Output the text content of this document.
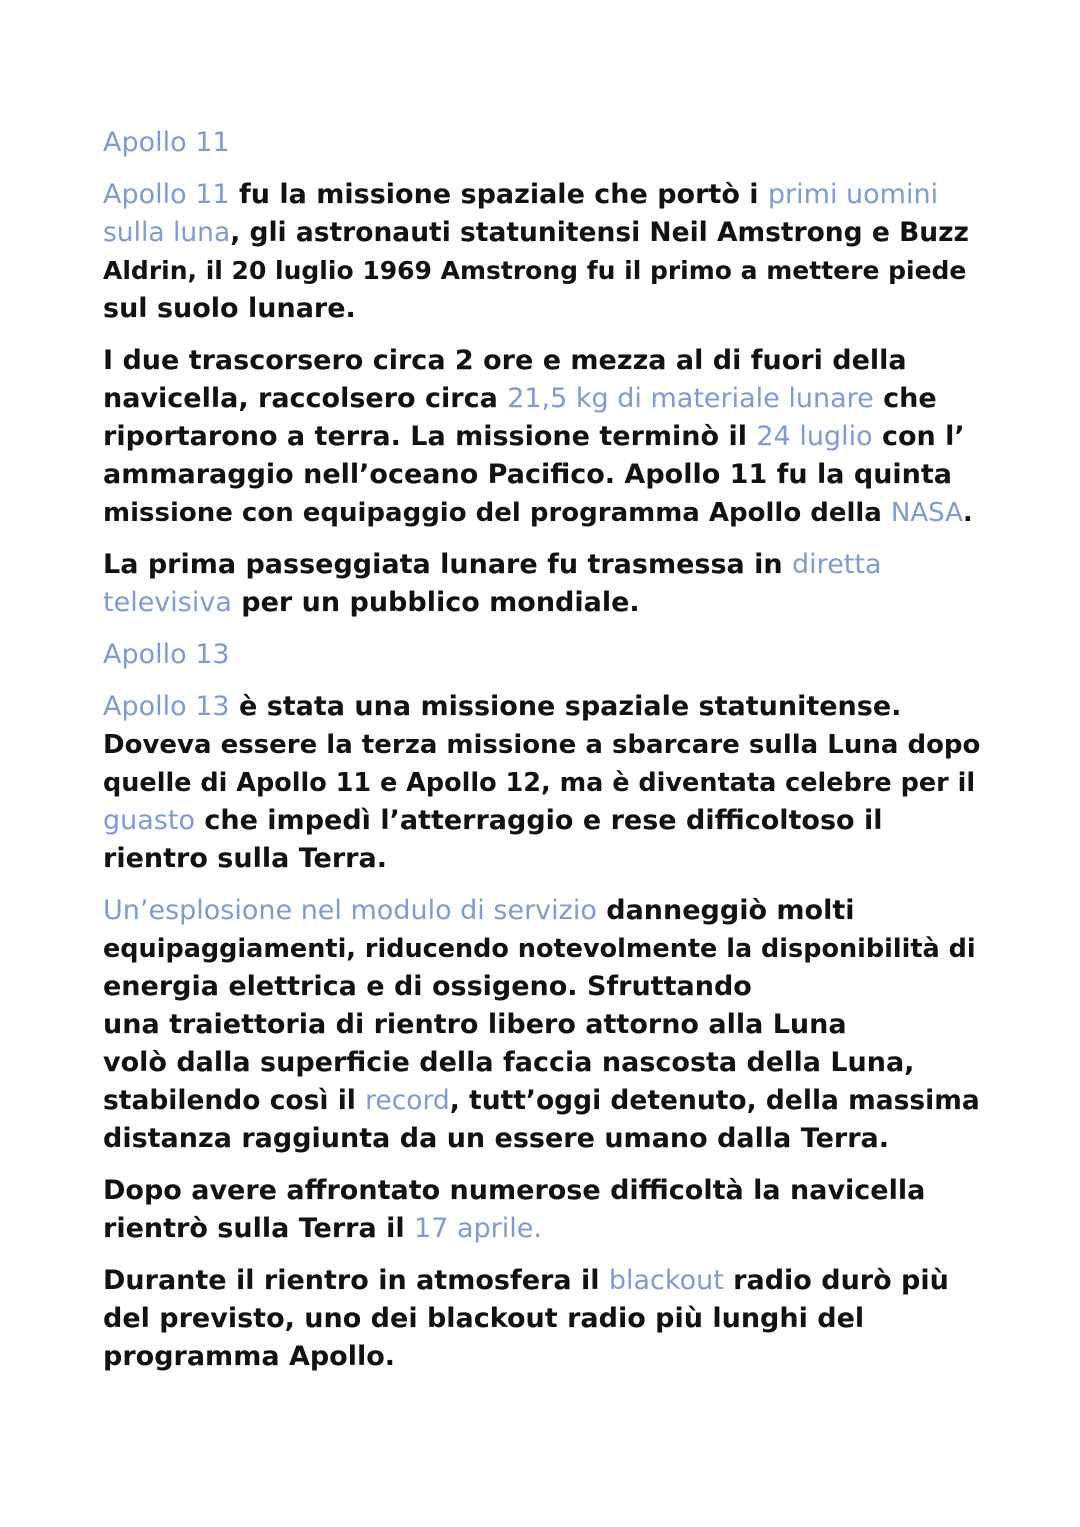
Apollo 11
Apollo 11 fu la missione spaziale che portò i primi uomini
sulla luna, gli astronauti statunitensi Neil Amstrong e Buzz
Aldrin, il 20 luglio 1969 Amstrong fu il primo a mettere piede
sul suolo lunare.
I due trascorsero circa 2 ore e mezza al di fuori della
navicella, raccolsero circa 21,5 kg di materiale lunare che
riportarono a terra. La missione terminò il 24 luglio con l’
ammaraggio nell’oceano Pacifico. Apollo 11 fu la quinta
missione con equipaggio del programma Apollo della NASA.
La prima passeggiata lunare fu trasmessa in diretta
televisiva per un pubblico mondiale.
Apollo 13
Apollo 13 è stata una missione spaziale statunitense.
Doveva essere la terza missione a sbarcare sulla Luna dopo
quelle di Apollo 11 e Apollo 12, ma è diventata celebre per il
guasto che impedì l’atterraggio e rese difficoltoso il
rientro sulla Terra.
Un’esplosione nel modulo di servizio danneggiò molti
equipaggiamenti, riducendo notevolmente la disponibilità di
energia elettrica e di ossigeno. Sfruttando
una traiettoria di rientro libero attorno alla Luna
volò dalla superficie della faccia nascosta della Luna,
stabilendo così il record, tutt’oggi detenuto, della massima
distanza raggiunta da un essere umano dalla Terra.
Dopo avere affrontato numerose difficoltà la navicella
rientrò sulla Terra il 17 aprile.
Durante il rientro in atmosfera il blackout radio durò più
del previsto, uno dei blackout radio più lunghi del
programma Apollo.
